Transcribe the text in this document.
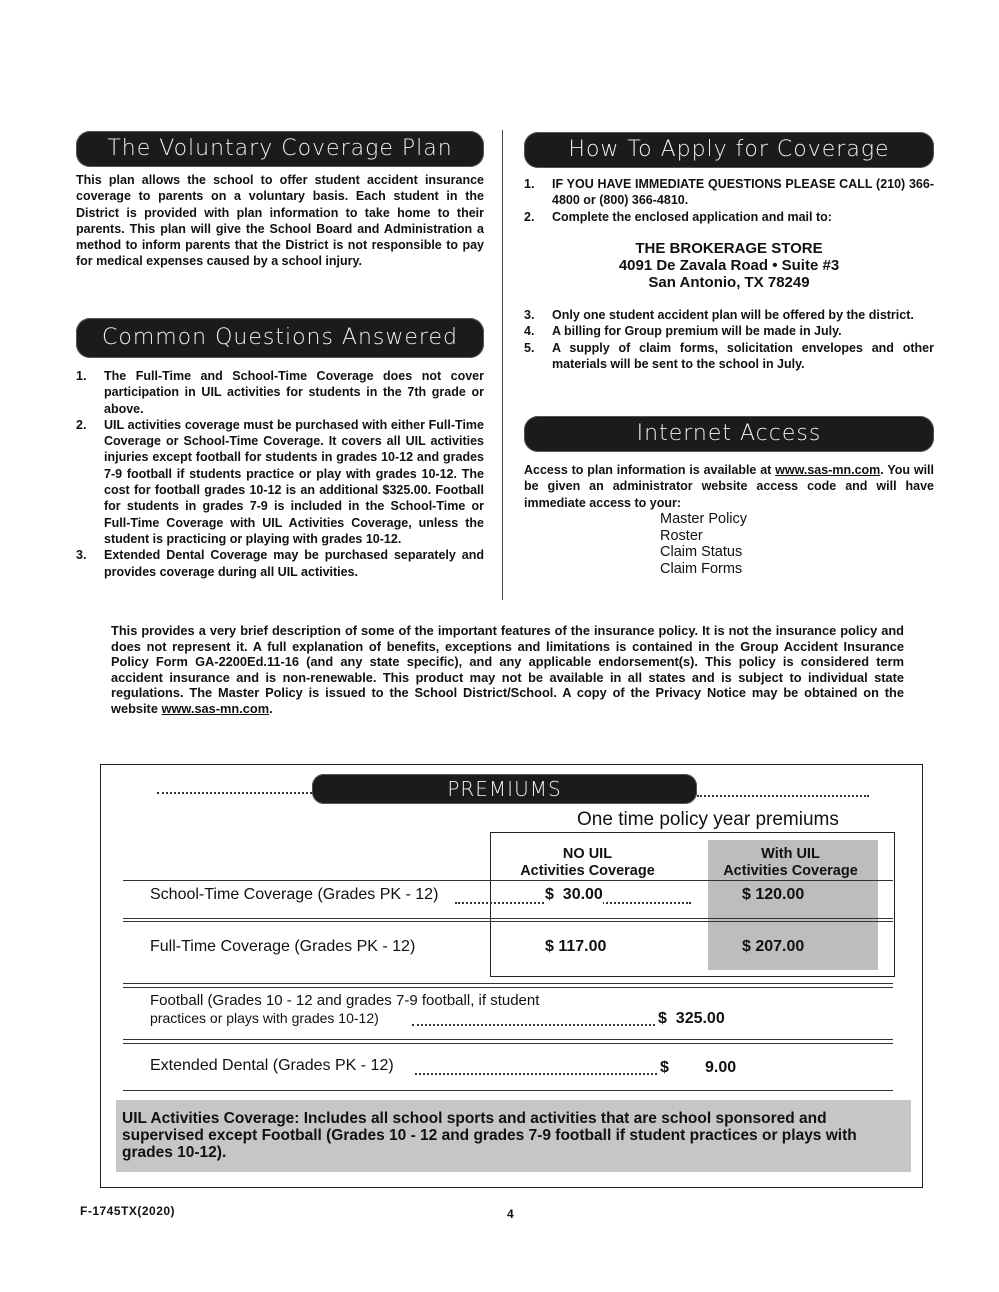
The Voluntary Coverage Plan
This plan allows the school to offer student accident insurance coverage to parents on a voluntary basis. Each student in the District is provided with plan information to take home to their parents. This plan will give the School Board and Administration a method to inform parents that the District is not responsible to pay for medical expenses caused by a school injury.
Common Questions Answered
1. The Full-Time and School-Time Coverage does not cover participation in UIL activities for students in the 7th grade or above.
2. UIL activities coverage must be purchased with either Full-Time Coverage or School-Time Coverage. It covers all UIL activities injuries except football for students in grades 10-12 and grades 7-9 football if students practice or play with grades 10-12. The cost for football grades 10-12 is an additional $325.00. Football for students in grades 7-9 is included in the School-Time or Full-Time Coverage with UIL Activities Coverage, unless the student is practicing or playing with grades 10-12.
3. Extended Dental Coverage may be purchased separately and provides coverage during all UIL activities.
How To Apply for Coverage
1. IF YOU HAVE IMMEDIATE QUESTIONS PLEASE CALL (210) 366-4800 or (800) 366-4810.
2. Complete the enclosed application and mail to:
THE BROKERAGE STORE
4091 De Zavala Road • Suite #3
San Antonio, TX 78249
3. Only one student accident plan will be offered by the district.
4. A billing for Group premium will be made in July.
5. A supply of claim forms, solicitation envelopes and other materials will be sent to the school in July.
Internet Access
Access to plan information is available at www.sas-mn.com. You will be given an administrator website access code and will have immediate access to your:
Master Policy
Roster
Claim Status
Claim Forms
This provides a very brief description of some of the important features of the insurance policy. It is not the insurance policy and does not represent it. A full explanation of benefits, exceptions and limitations is contained in the Group Accident Insurance Policy Form GA-2200Ed.11-16 (and any state specific), and any applicable endorsement(s). This policy is considered term accident insurance and is non-renewable. This product may not be available in all states and is subject to individual state regulations. The Master Policy is issued to the School District/School. A copy of the Privacy Notice may be obtained on the website www.sas-mn.com.
PREMIUMS
One time policy year premiums
NO UIL
Activities Coverage
With UIL
Activities Coverage
School-Time Coverage (Grades PK - 12)	$  30.00	$ 120.00
Full-Time Coverage (Grades PK - 12)	$ 117.00	$ 207.00
Football (Grades 10 - 12 and grades 7-9 football, if student
practices or plays with grades 10-12)	$  325.00
Extended Dental (Grades PK - 12)	$ 9.00
UIL Activities Coverage: Includes all school sports and activities that are school sponsored and supervised except Football (Grades 10 - 12 and grades 7-9 football if student practices or plays with grades 10-12).
F-1745TX(2020)	4
